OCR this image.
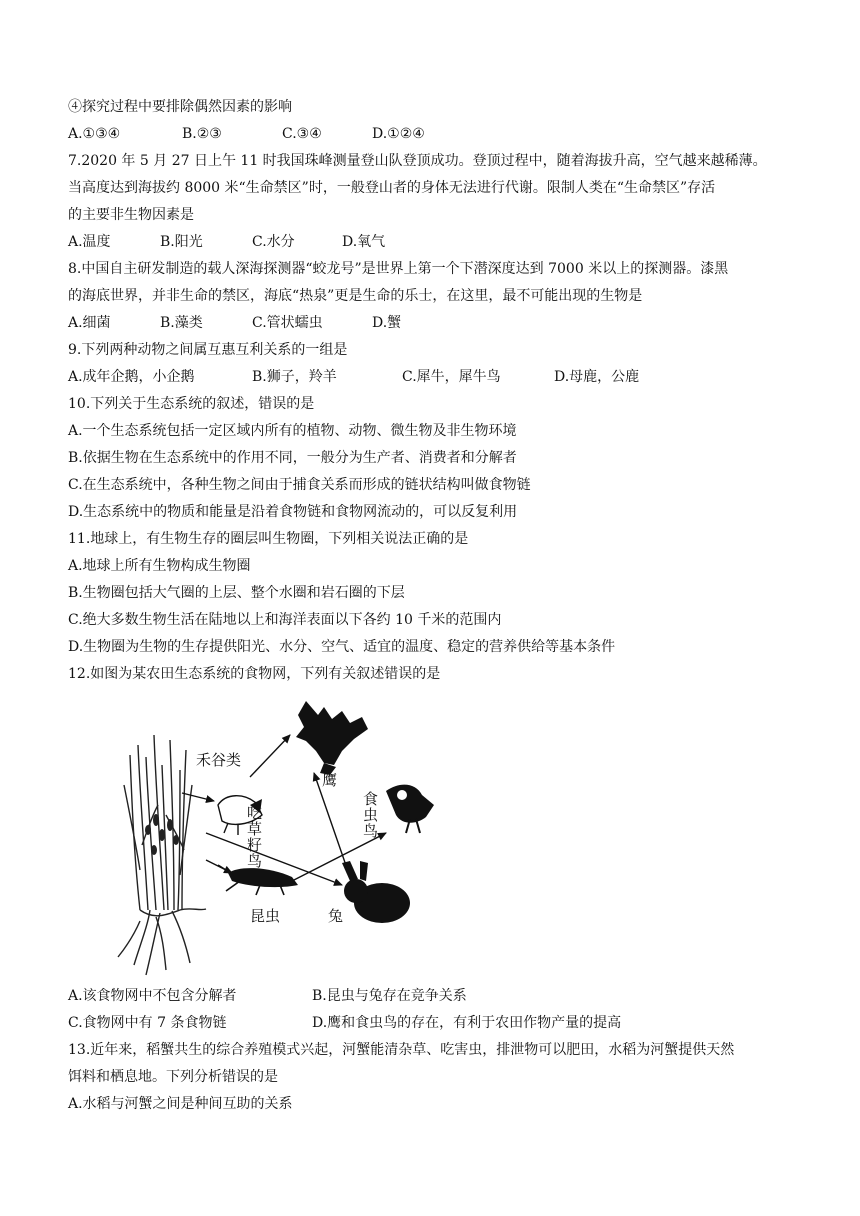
④探究过程中要排除偶然因素的影响
A.①③④	B.②③	C.③④	D.①②④
7.2020 年 5 月 27 日上午 11 时我国珠峰测量登山队登顶成功。登顶过程中，随着海拔升高，空气越来越稀薄。
当高度达到海拔约 8000 米“生命禁区”时，一般登山者的身体无法进行代谢。限制人类在“生命禁区”存活
的主要非生物因素是
A.温度	B.阳光	C.水分	D.氧气
8.中国自主研发制造的载人深海探测器“蛟龙号”是世界上第一个下潜深度达到 7000 米以上的探测器。漆黑
的海底世界，并非生命的禁区，海底“热泉”更是生命的乐士，在这里，最不可能出现的生物是
A.细菌	B.藻类	C.管状蠕虫	D.蟹
9.下列两种动物之间属互惠互利关系的一组是
A.成年企鹅，小企鹅	B.狮子，羚羊	C.犀牛，犀牛鸟	D.母鹿，公鹿
10.下列关于生态系统的叙述，错误的是
A.一个生态系统包括一定区域内所有的植物、动物、微生物及非生物环境
B.依据生物在生态系统中的作用不同，一般分为生产者、消费者和分解者
C.在生态系统中，各种生物之间由于捕食关系而形成的链状结构叫做食物链
D.生态系统中的物质和能量是沿着食物链和食物网流动的，可以反复利用
11.地球上，有生物生存的圈层叫生物圈，下列相关说法正确的是
A.地球上所有生物构成生物圈
B.生物圈包括大气圈的上层、整个水圈和岩石圈的下层
C.绝大多数生物生活在陆地以上和海洋表面以下各约 10 千米的范围内
D.生物圈为生物的生存提供阳光、水分、空气、适宜的温度、稳定的营养供给等基本条件
12.如图为某农田生态系统的食物网，下列有关叙述错误的是
禾谷类
吃草籽鸟
鹰
食虫鸟
昆虫	兔
A.该食物网中不包含分解者	B.昆虫与兔存在竞争关系
C.食物网中有 7 条食物链	D.鹰和食虫鸟的存在，有利于农田作物产量的提高
13.近年来，稻蟹共生的综合养殖模式兴起，河蟹能清杂草、吃害虫，排泄物可以肥田，水稻为河蟹提供天然
饵料和栖息地。下列分析错误的是
A.水稻与河蟹之间是种间互助的关系
